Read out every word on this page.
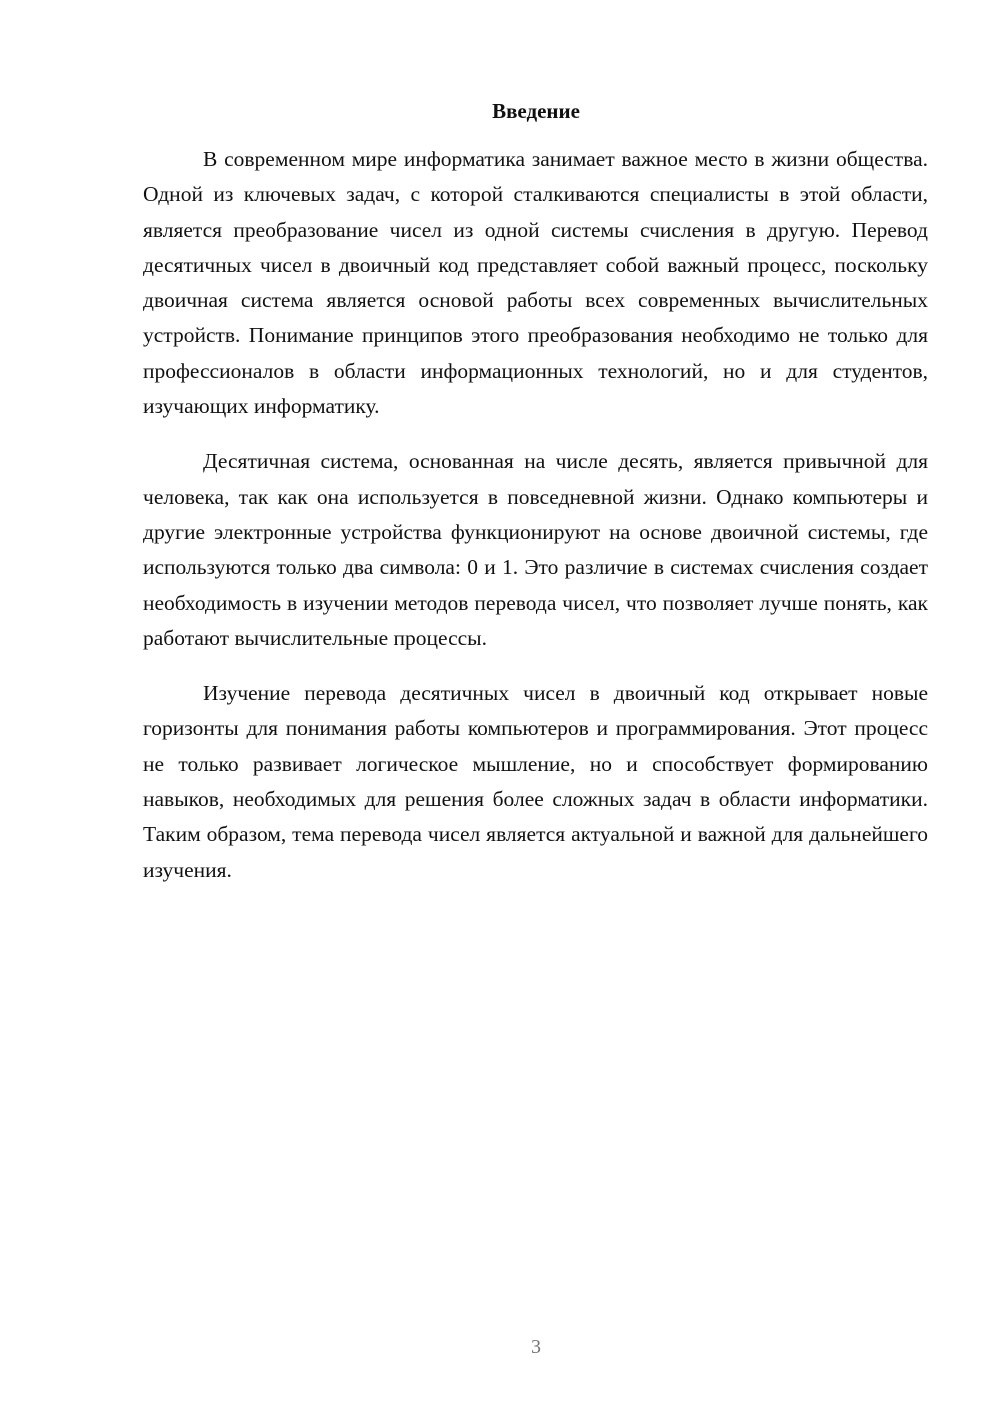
Введение

В современном мире информатика занимает важное место в жизни общества. Одной из ключевых задач, с которой сталкиваются специалисты в этой области, является преобразование чисел из одной системы счисления в другую. Перевод десятичных чисел в двоичный код представляет собой важный процесс, поскольку двоичная система является основой работы всех современных вычислительных устройств. Понимание принципов этого преобразования необходимо не только для профессионалов в области информационных технологий, но и для студентов, изучающих информатику.

Десятичная система, основанная на числе десять, является привычной для человека, так как она используется в повседневной жизни. Однако компьютеры и другие электронные устройства функционируют на основе двоичной системы, где используются только два символа: 0 и 1. Это различие в системах счисления создает необходимость в изучении методов перевода чисел, что позволяет лучше понять, как работают вычислительные процессы.

Изучение перевода десятичных чисел в двоичный код открывает новые горизонты для понимания работы компьютеров и программирования. Этот процесс не только развивает логическое мышление, но и способствует формированию навыков, необходимых для решения более сложных задач в области информатики. Таким образом, тема перевода чисел является актуальной и важной для дальнейшего изучения.

3
